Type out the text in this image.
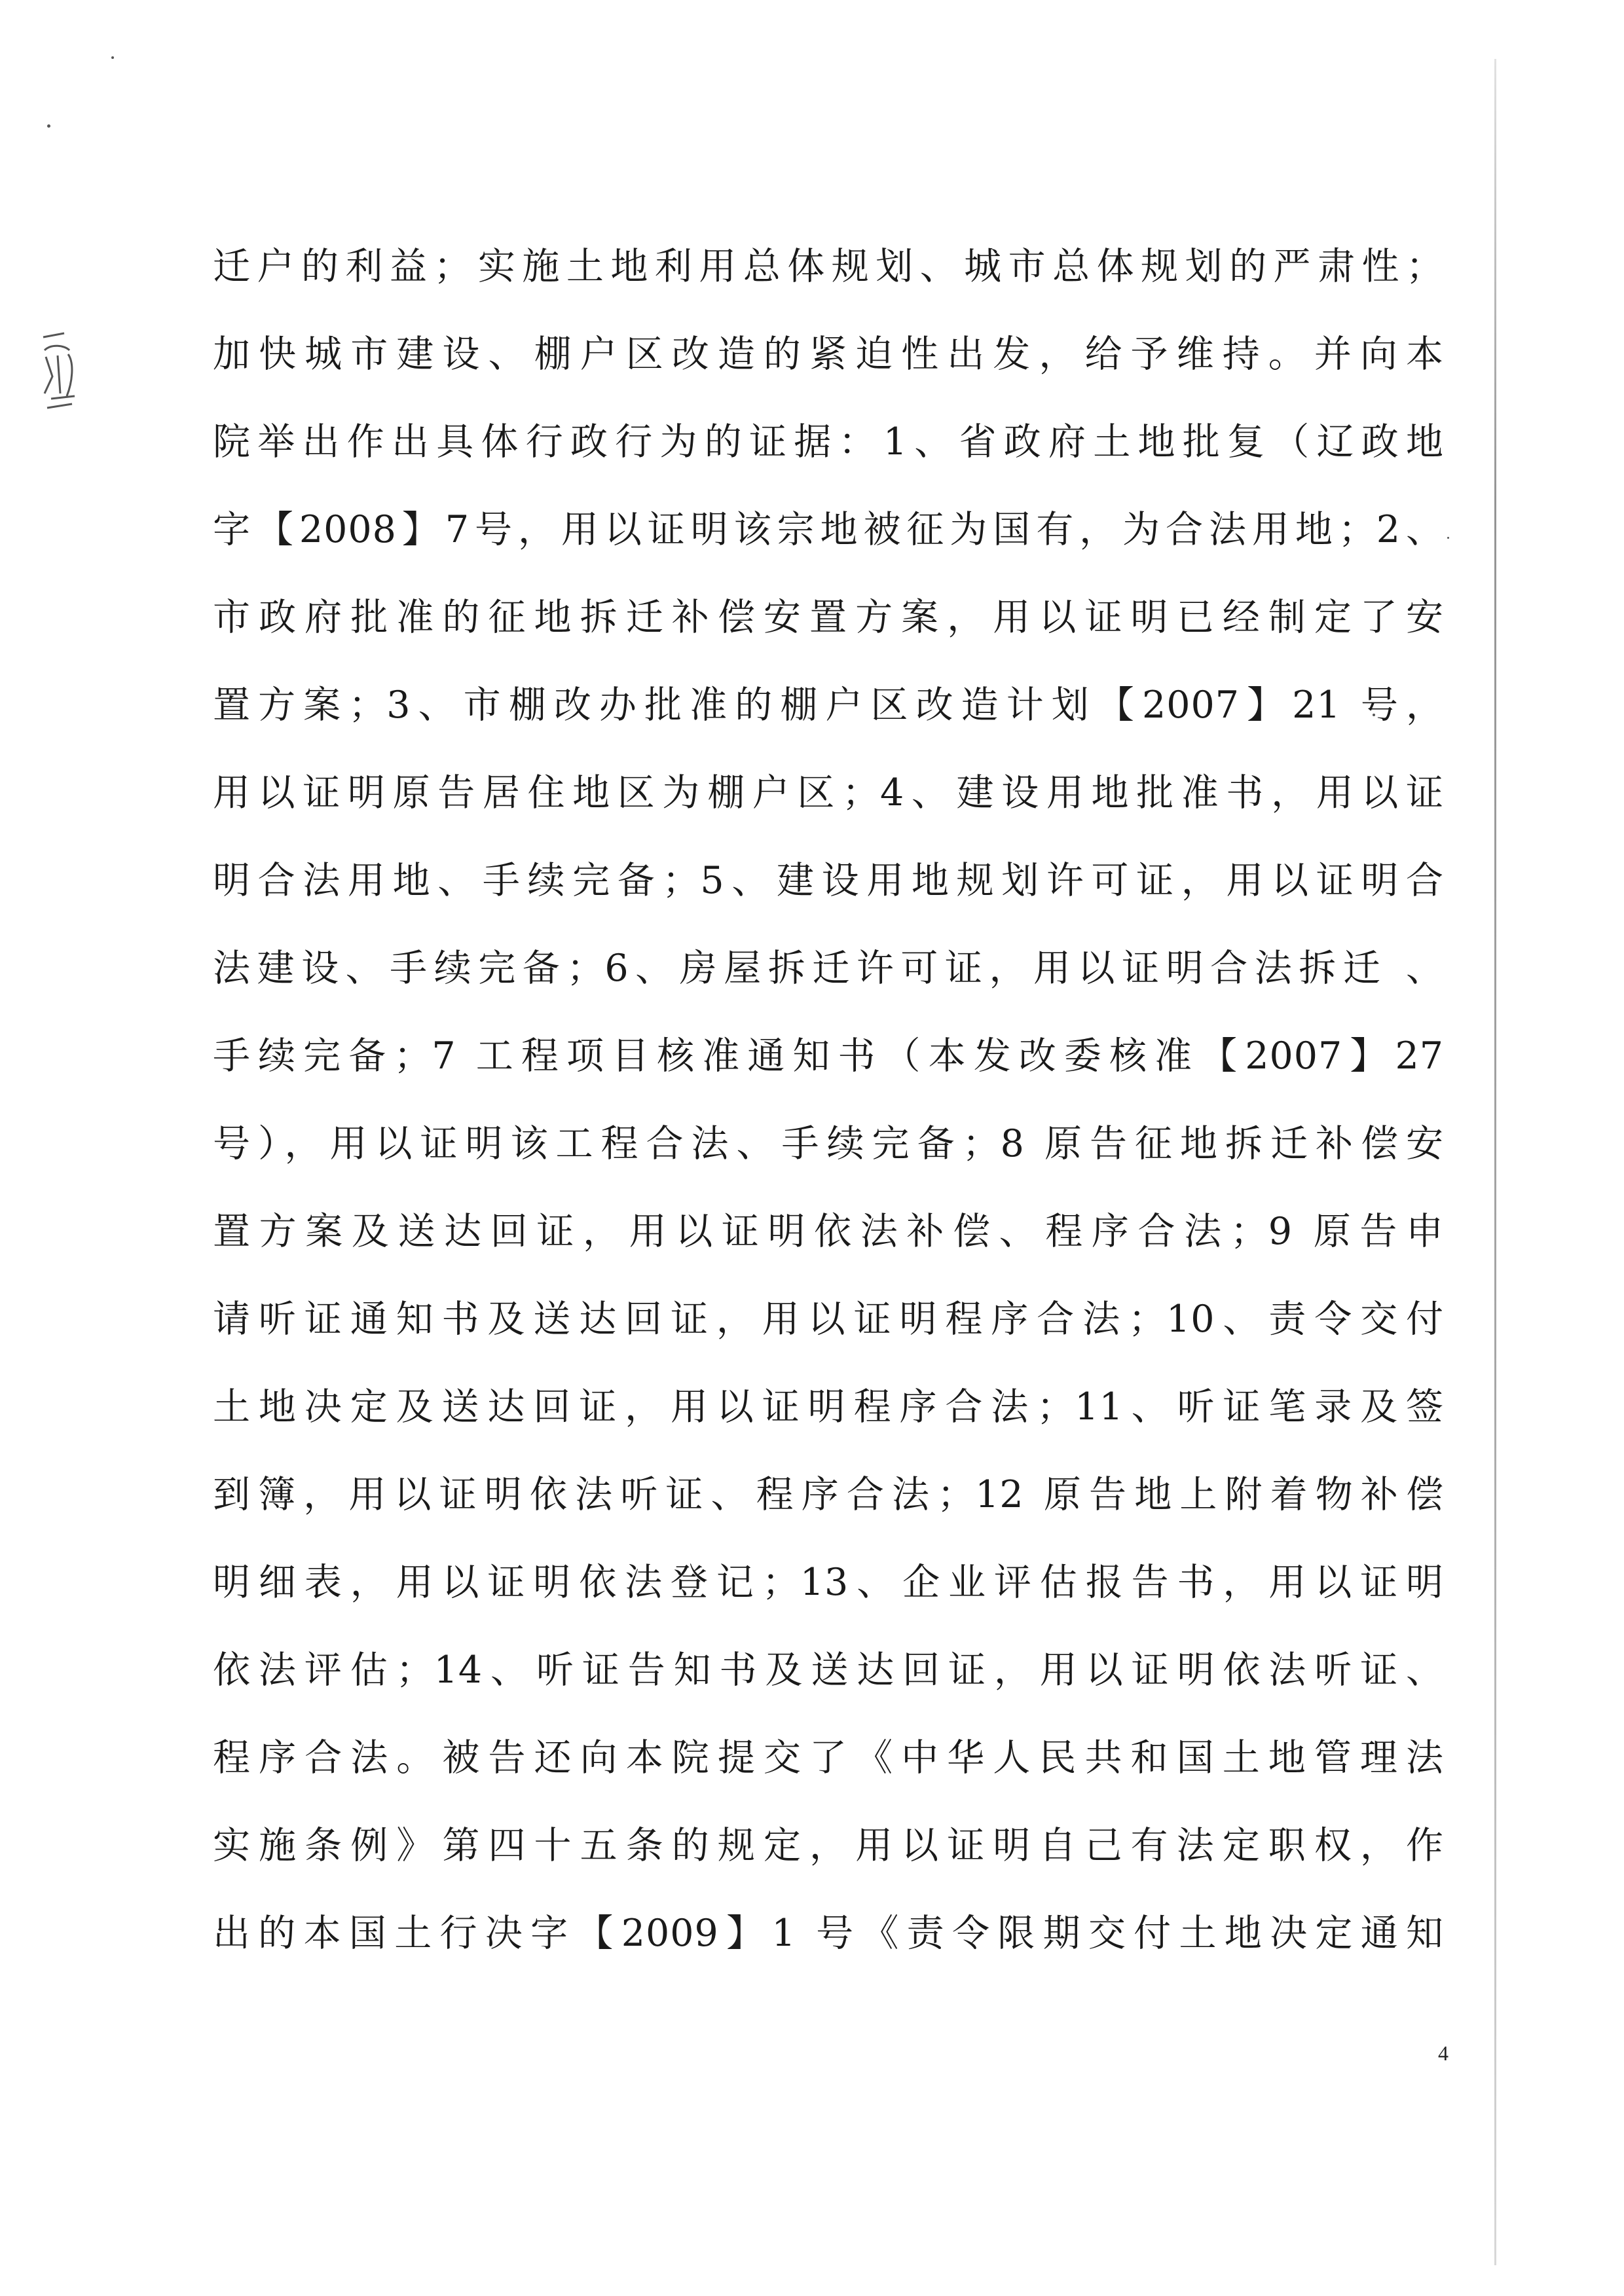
迁户的利益；实施土地利用总体规划、城市总体规划的严肃性；
加快城市建设、棚户区改造的紧迫性出发，给予维持。并向本
院举出作出具体行政行为的证据：1、省政府土地批复（辽政地
字【2008】7号，用以证明该宗地被征为国有，为合法用地；2、
市政府批准的征地拆迁补偿安置方案，用以证明已经制定了安
置方案；3、市棚改办批准的棚户区改造计划【2007】21 号，
用以证明原告居住地区为棚户区；4、建设用地批准书，用以证
明合法用地、手续完备；5、建设用地规划许可证，用以证明合
法建设、手续完备；6、房屋拆迁许可证，用以证明合法拆迁 、
手续完备；7 工程项目核准通知书（本发改委核准【2007】27
号），用以证明该工程合法、手续完备；8 原告征地拆迁补偿安
置方案及送达回证，用以证明依法补偿、程序合法；9 原告申
请听证通知书及送达回证，用以证明程序合法；10、责令交付
土地决定及送达回证，用以证明程序合法；11、听证笔录及签
到簿，用以证明依法听证、程序合法；12 原告地上附着物补偿
明细表，用以证明依法登记；13、企业评估报告书，用以证明
依法评估；14、听证告知书及送达回证，用以证明依法听证、
程序合法。被告还向本院提交了《中华人民共和国土地管理法
实施条例》第四十五条的规定，用以证明自己有法定职权，作
出的本国土行决字【2009】1 号《责令限期交付土地决定通知
4
